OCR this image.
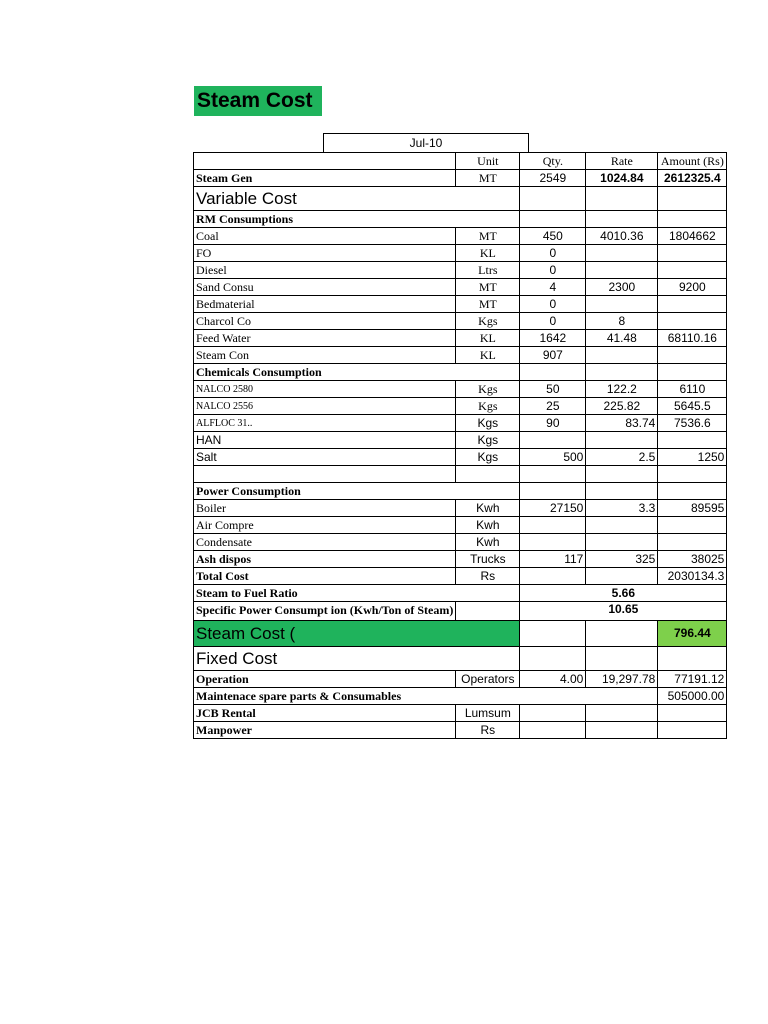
Steam Cost
Jul-10
	Unit	Qty.	Rate	Amount (Rs)
Steam Gen	MT	2549	1024.84	2612325.4
Variable Cost				
RM Consumptions				
Coal	MT	450	4010.36	1804662
FO	KL	0		
Diesel	Ltrs	0		
Sand Consu	MT	4	2300	9200
Bedmaterial	MT	0		
Charcol Co	Kgs	0	8	
Feed Water	KL	1642	41.48	68110.16
Steam Con	KL	907		
Chemicals Consumption				
NALCO 2580	Kgs	50	122.2	6110
NALCO 2556	Kgs	25	225.82	5645.5
ALFLOC 31..	Kgs	90	83.74	7536.6
HAN	Kgs			
Salt	Kgs	500	2.5	1250

Power Consumption				
Boiler	Kwh	27150	3.3	89595
Air Compre	Kwh			
Condensate	Kwh			
Ash dispos	Trucks	117	325	38025
Total Cost	Rs			2030134.3
Steam to Fuel Ratio		5.66		
Specific Power Consumpt ion (Kwh/Ton of Steam)		10.65		
Steam Cost (				796.44
Fixed Cost				
Operation	Operators	4.00	19,297.78	77191.12
Maintenace spare parts & Consumables				505000.00
JCB Rental	Lumsum			
Manpower	Rs			
